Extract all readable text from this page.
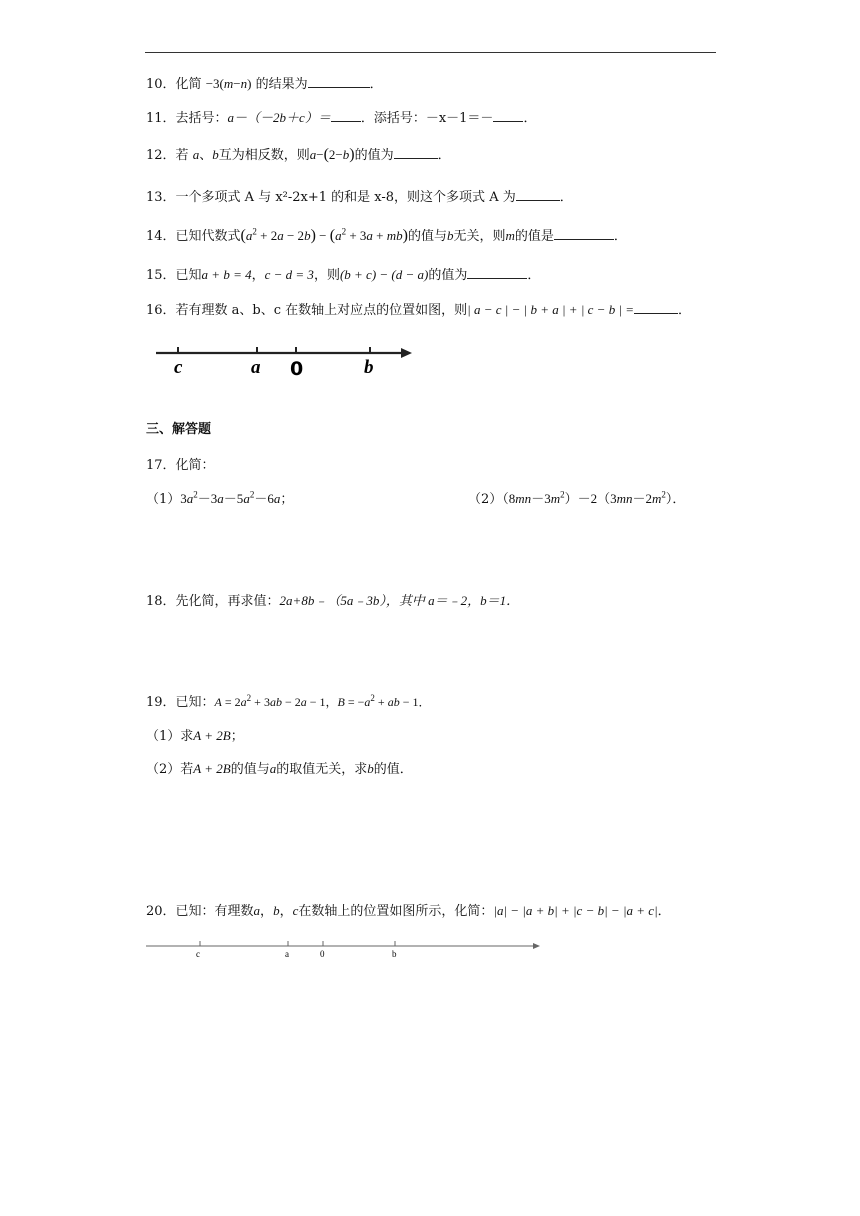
10．化简 −3(m−n) 的结果为	．
11．去括号：a－（－2b＋c）＝ ．添括号：－x－1＝－ ．
12．若 a、b互为相反数，则a−(2−b)的值为	．
13．一个多项式 A 与 x²-2x+1 的和是 x-8，则这个多项式 A 为	．
14．已知代数式$(a^2 + 2a - 2b) - (a^2 + 3a + mb)$的值与b无关，则m的值是	．
15．已知a + b = 4，c − d = 3，则(b + c) − (d − a)的值为	．
16．若有理数 a、b、c 在数轴上对应点的位置如图，则| a − c | − | b + a | + | c − b | =	．
c	a 0	b
三、解答题
17．化简：
$(1)3a^2-3a-5a^2-6a$；	$(2)(8mn-3m^2)-2(3mn-2m^2)$．
18．先化简，再求值：2a+8b﹣（5a﹣3b），其中 a＝﹣2，b＝1．
19．已知：$A = 2a^2 + 3ab - 2a - 1$，$B = -a^2$ + ab − 1．
（1）求A + 2B；
（2）若A + 2B的值与a的取值无关，求b的值．
20．已知：有理数a，b，c在数轴上的位置如图所示，化简：|a| − |a + b| + |c − b| − |a + c|．
c	a	0	b
